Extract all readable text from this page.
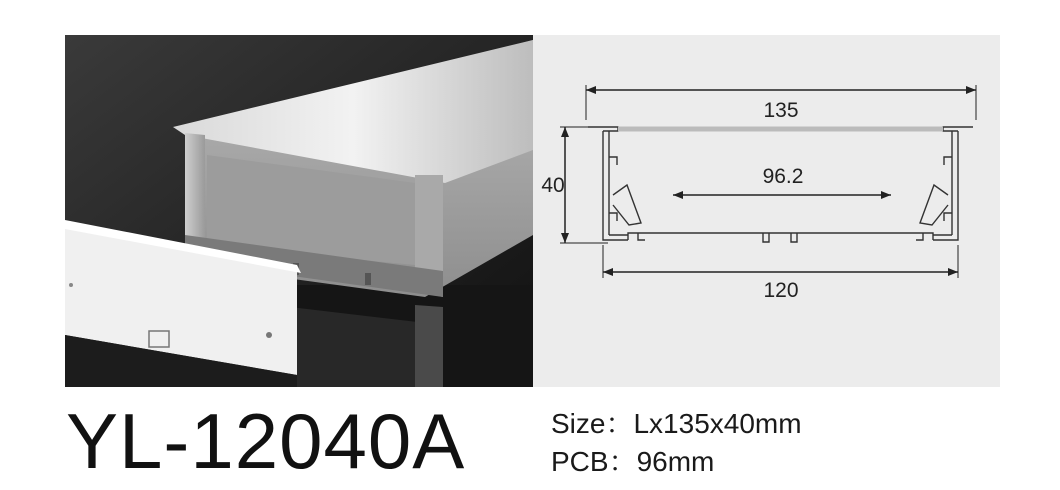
135
40	96.2
120
YL-12040A	Size：Lx135x40mm
PCB：96mm
